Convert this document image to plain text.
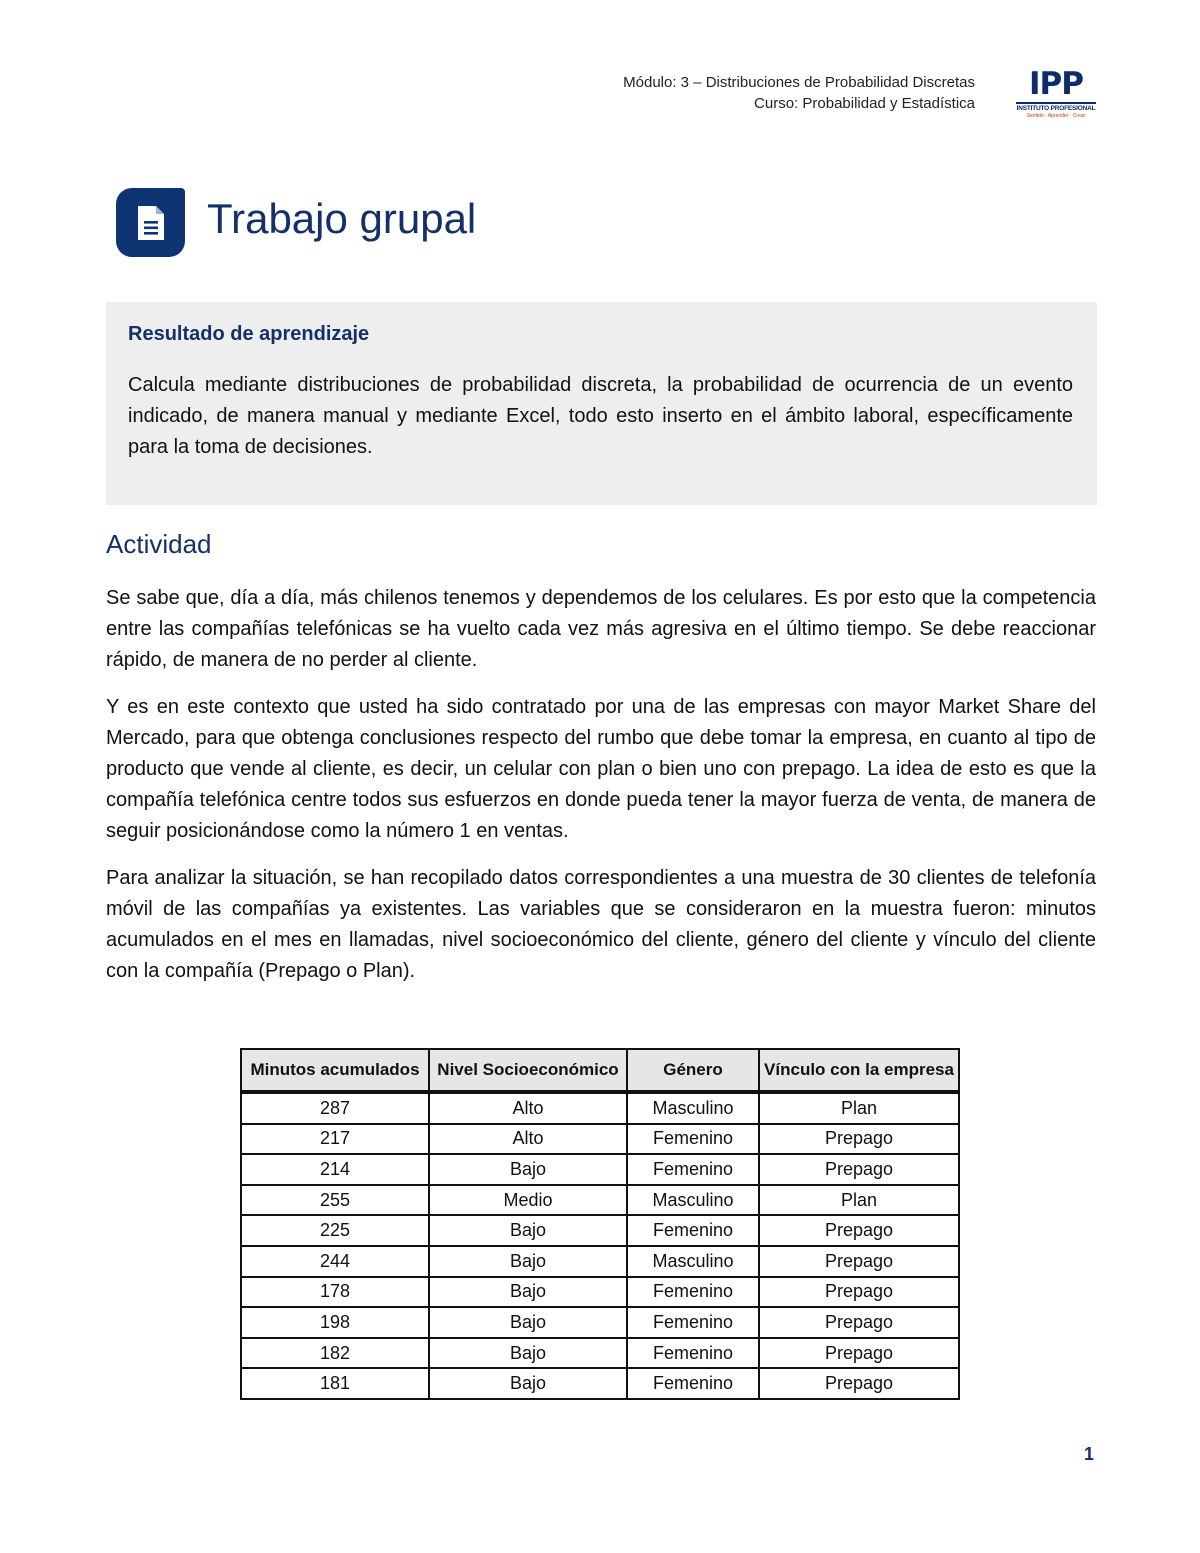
Módulo: 3 – Distribuciones de Probabilidad Discretas
Curso: Probabilidad y Estadística
IPP
INSTITUTO PROFESIONAL
Sentido · Aprender · Crear
Trabajo grupal
Resultado de aprendizaje

Calcula mediante distribuciones de probabilidad discreta, la probabilidad de ocurrencia de un evento indicado, de manera manual y mediante Excel, todo esto inserto en el ámbito laboral, específicamente para la toma de decisiones.

Actividad

Se sabe que, día a día, más chilenos tenemos y dependemos de los celulares. Es por esto que la competencia entre las compañías telefónicas se ha vuelto cada vez más agresiva en el último tiempo. Se debe reaccionar rápido, de manera de no perder al cliente.

Y es en este contexto que usted ha sido contratado por una de las empresas con mayor Market Share del Mercado, para que obtenga conclusiones respecto del rumbo que debe tomar la empresa, en cuanto al tipo de producto que vende al cliente, es decir, un celular con plan o bien uno con prepago. La idea de esto es que la compañía telefónica centre todos sus esfuerzos en donde pueda tener la mayor fuerza de venta, de manera de seguir posicionándose como la número 1 en ventas.

Para analizar la situación, se han recopilado datos correspondientes a una muestra de 30 clientes de telefonía móvil de las compañías ya existentes. Las variables que se consideraron en la muestra fueron: minutos acumulados en el mes en llamadas, nivel socioeconómico del cliente, género del cliente y vínculo del cliente con la compañía (Prepago o Plan).

Minutos acumulados	Nivel Socioeconómico	Género	Vínculo con la empresa
287	Alto	Masculino	Plan
217	Alto	Femenino	Prepago
214	Bajo	Femenino	Prepago
255	Medio	Masculino	Plan
225	Bajo	Femenino	Prepago
244	Bajo	Masculino	Prepago
178	Bajo	Femenino	Prepago
198	Bajo	Femenino	Prepago
182	Bajo	Femenino	Prepago
181	Bajo	Femenino	Prepago
1
